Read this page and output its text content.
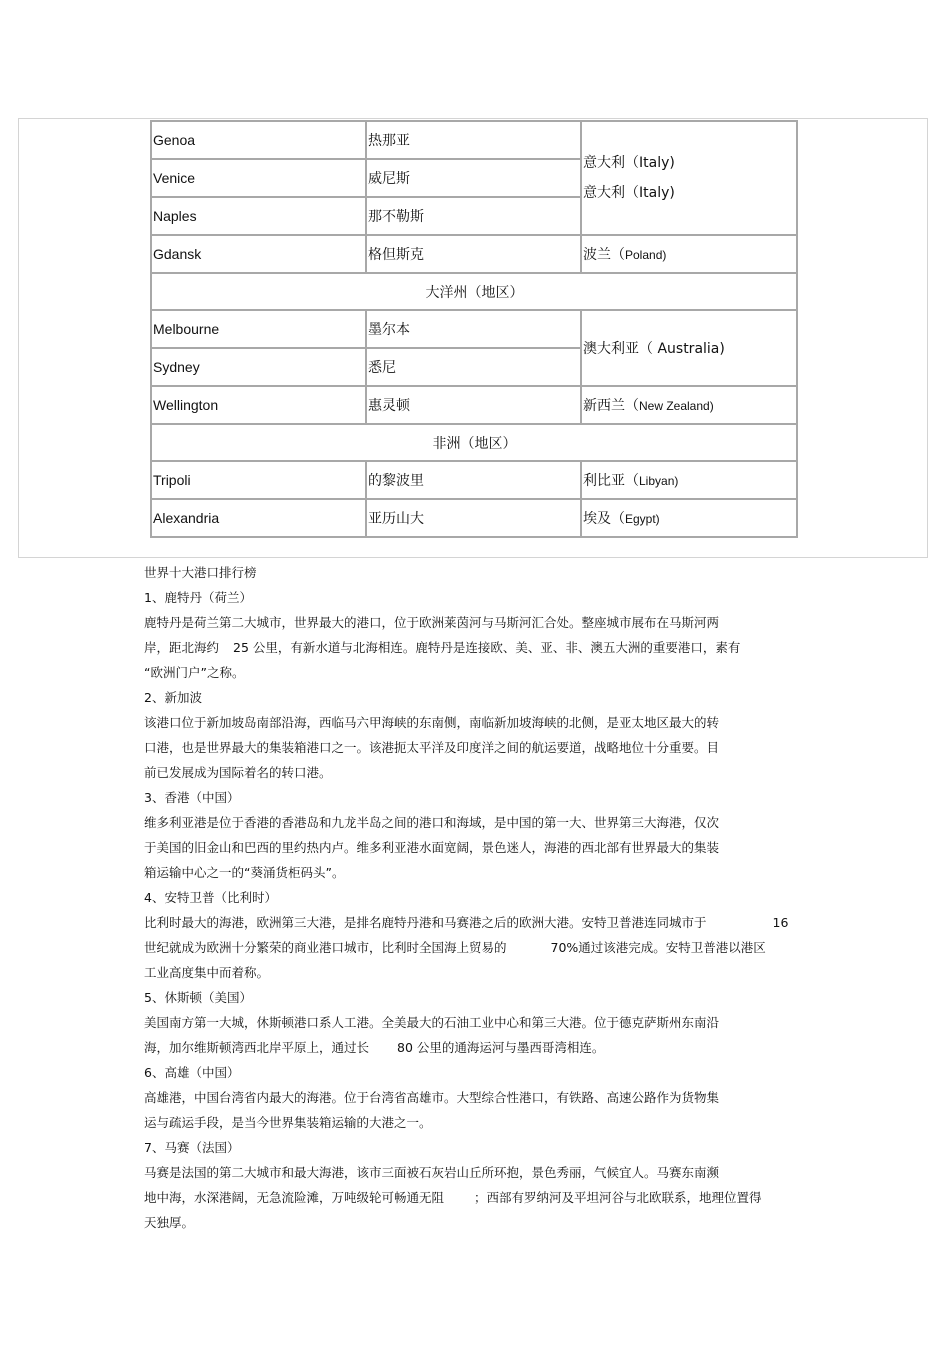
Genoa	热那亚	意大利（Italy)
意大利（Italy)

Venice	威尼斯	
Naples	那不勒斯	
Gdansk	格但斯克	波兰（Poland)
大洋州（地区）		
Melbourne	墨尔本	澳大利亚（ Australia)
Sydney	悉尼	
Wellington	惠灵顿	新西兰（New Zealand)
非洲（地区）		
Tripoli	的黎波里	利比亚（Libyan)
Alexandria	亚历山大	埃及（Egypt)

世界十大港口排行榜

1、鹿特丹（荷兰）

鹿特丹是荷兰第二大城市，世界最大的港口，位于欧洲莱茵河与马斯河汇合处。整座城市展布在马斯河两

岸，距北海约 25 公里，有新水道与北海相连。鹿特丹是连接欧、美、亚、非、澳五大洲的重要港口，素有

“欧洲门户”之称。

2、新加波

该港口位于新加坡岛南部沿海，西临马六甲海峡的东南侧，南临新加坡海峡的北侧，是亚太地区最大的转

口港，也是世界最大的集装箱港口之一。该港扼太平洋及印度洋之间的航运要道，战略地位十分重要。目

前已发展成为国际着名的转口港。

3、香港（中国）

维多利亚港是位于香港的香港岛和九龙半岛之间的港口和海域，是中国的第一大、世界第三大海港，仅次

于美国的旧金山和巴西的里约热内卢。维多利亚港水面宽阔，景色迷人，海港的西北部有世界最大的集装

箱运输中心之一的“葵涌货柜码头”。

4、安特卫普（比利时）

比利时最大的海港，欧洲第三大港，是排名鹿特丹港和马赛港之后的欧洲大港。安特卫普港连同城市于	16

世纪就成为欧洲十分繁荣的商业港口城市，比利时全国海上贸易的	70%通过该港完成。安特卫普港以港区

工业高度集中而着称。

5、休斯顿（美国）

美国南方第一大城，休斯顿港口系人工港。全美最大的石油工业中心和第三大港。位于德克萨斯州东南沿

海，加尔维斯顿湾西北岸平原上，通过长 80 公里的通海运河与墨西哥湾相连。

6、高雄（中国）

高雄港，中国台湾省内最大的海港。位于台湾省高雄市。大型综合性港口，有铁路、高速公路作为货物集

运与疏运手段，是当今世界集装箱运输的大港之一。

7、马赛（法国）

马赛是法国的第二大城市和最大海港，该市三面被石灰岩山丘所环抱，景色秀丽，气候宜人。马赛东南濒

地中海，水深港阔，无急流险滩，万吨级轮可畅通无阻 ；西部有罗纳河及平坦河谷与北欧联系，地理位置得

天独厚。
